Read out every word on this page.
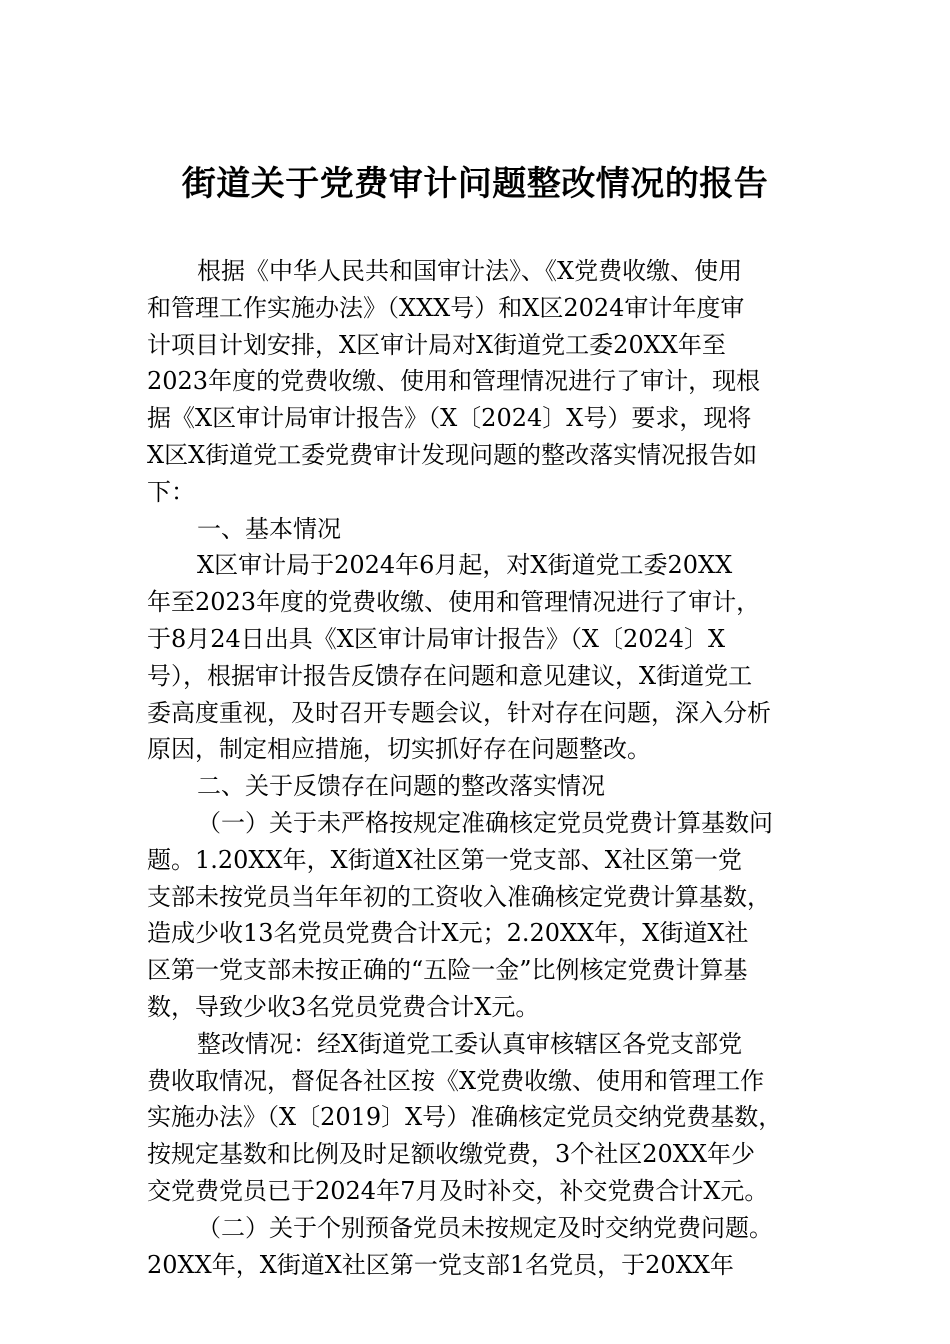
街道关于党费审计问题整改情况的报告
根据《中华人民共和国审计法》、《X党费收缴、使用
和管理工作实施办法》（XXX号）和X区2024审计年度审
计项目计划安排，X区审计局对X街道党工委20XX年至
2023年度的党费收缴、使用和管理情况进行了审计，现根
据《X区审计局审计报告》（X〔2024〕X号）要求，现将
X区X街道党工委党费审计发现问题的整改落实情况报告如
下：
一、基本情况
X区审计局于2024年6月起，对X街道党工委20XX
年至2023年度的党费收缴、使用和管理情况进行了审计，
于8月24日出具《X区审计局审计报告》（X〔2024〕X
号），根据审计报告反馈存在问题和意见建议，X街道党工
委高度重视，及时召开专题会议，针对存在问题，深入分析
原因，制定相应措施，切实抓好存在问题整改。
二、关于反馈存在问题的整改落实情况
（一）关于未严格按规定准确核定党员党费计算基数问
题。1.20XX年，X街道X社区第一党支部、X社区第一党
支部未按党员当年年初的工资收入准确核定党费计算基数，
造成少收13名党员党费合计X元；2.20XX年，X街道X社
区第一党支部未按正确的“五险一金”比例核定党费计算基
数，导致少收3名党员党费合计X元。
整改情况：经X街道党工委认真审核辖区各党支部党
费收取情况，督促各社区按《X党费收缴、使用和管理工作
实施办法》（X〔2019〕X号）准确核定党员交纳党费基数，
按规定基数和比例及时足额收缴党费，3个社区20XX年少
交党费党员已于2024年7月及时补交，补交党费合计X元。
（二）关于个别预备党员未按规定及时交纳党费问题。
20XX年，X街道X社区第一党支部1名党员，于20XX年
